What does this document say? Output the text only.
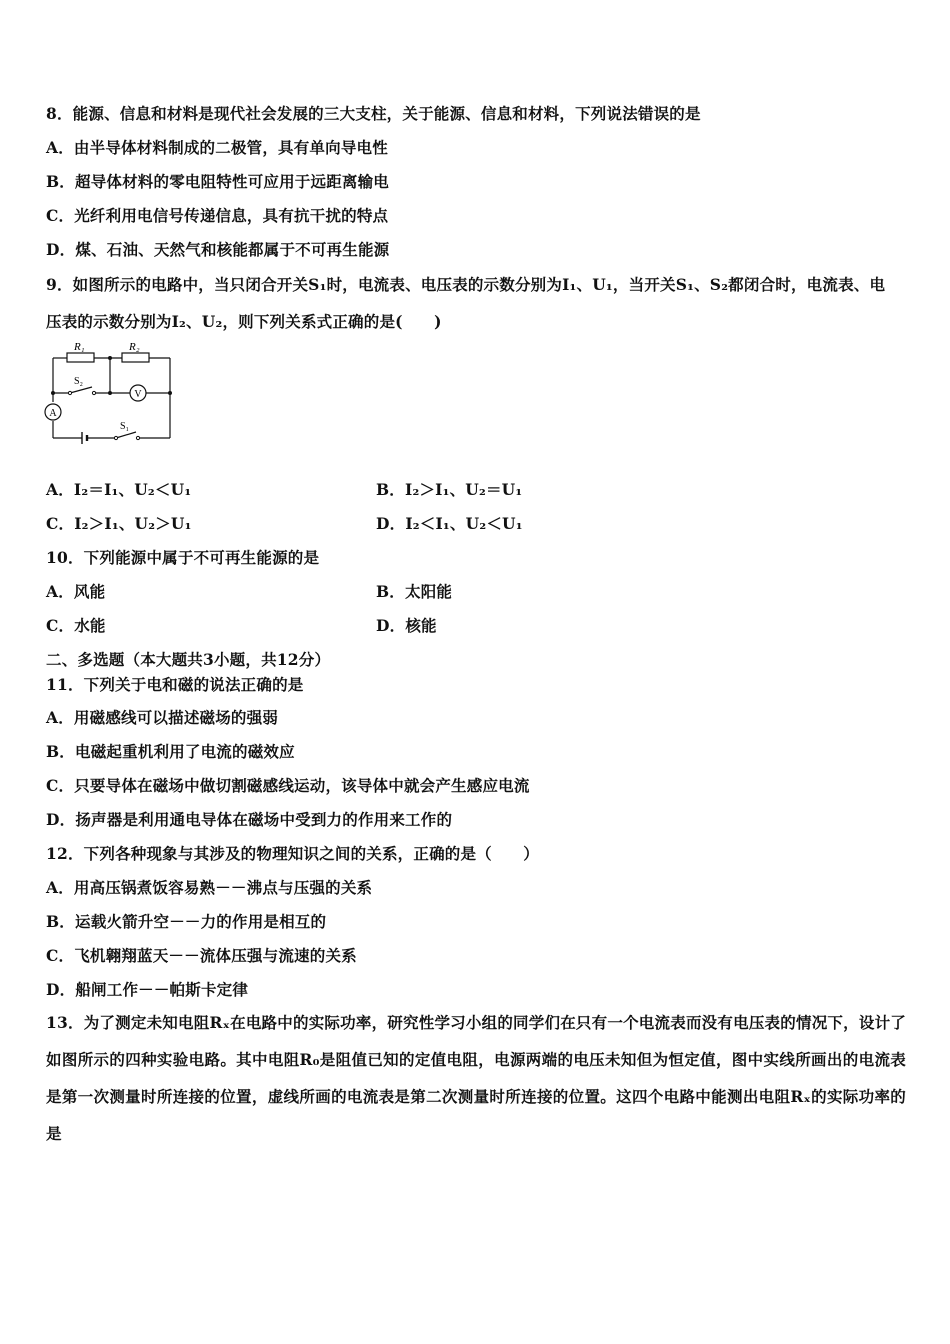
8．能源、信息和材料是现代社会发展的三大支柱，关于能源、信息和材料，下列说法错误的是
A．由半导体材料制成的二极管，具有单向导电性
B．超导体材料的零电阻特性可应用于远距离输电
C．光纤利用电信号传递信息，具有抗干扰的特点
D．煤、石油、天然气和核能都属于不可再生能源
9．如图所示的电路中，当只闭合开关S₁时，电流表、电压表的示数分别为I₁、U₁，当开关S₁、S₂都闭合时，电流表、电
压表的示数分别为I₂、U₂，则下列关系式正确的是(　　)
R₁	R₂
S₂
S₁
V
A
A．I₂＝I₁、U₂＜U₁	B．I₂＞I₁、U₂＝U₁
C．I₂＞I₁、U₂＞U₁	D．I₂＜I₁、U₂＜U₁
10．下列能源中属于不可再生能源的是
A．风能	B．太阳能
C．水能	D．核能
二、多选题（本大题共3小题，共12分）
11．下列关于电和磁的说法正确的是
A．用磁感线可以描述磁场的强弱
B．电磁起重机利用了电流的磁效应
C．只要导体在磁场中做切割磁感线运动，该导体中就会产生感应电流
D．扬声器是利用通电导体在磁场中受到力的作用来工作的
12．下列各种现象与其涉及的物理知识之间的关系，正确的是（　　）
A．用高压锅煮饭容易熟－－沸点与压强的关系
B．运载火箭升空－－力的作用是相互的
C．飞机翱翔蓝天－－流体压强与流速的关系
D．船闸工作－－帕斯卡定律
13．为了测定未知电阻Rₓ在电路中的实际功率，研究性学习小组的同学们在只有一个电流表而没有电压表的情况下，设计了如图所示的四种实验电路。其中电阻R₀是阻值已知的定值电阻，电源两端的电压未知但为恒定值，图中实线所画出的电流表是第一次测量时所连接的位置，虚线所画的电流表是第二次测量时所连接的位置。这四个电路中能测出电阻Rₓ的实际功率的是
